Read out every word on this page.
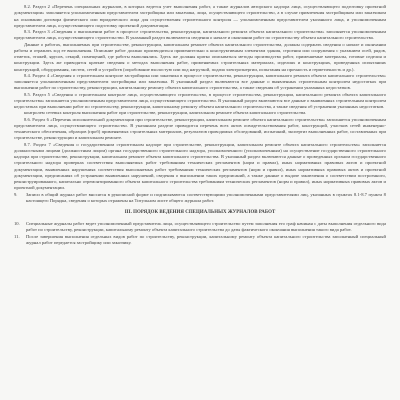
8.2. Раздел 2 «Перечень специальных журналов, в которых ведется учет выполнения работ, а также журналов авторского надзора лица, осуществляющего подготовку проектной документации» заполняется уполномоченным представителем застройщика или заказчика, лица, осуществляющего строительство, а в случае привлечения застройщиком или заказчиком на основании договора физического или юридического лица для осуществления строительного контроля — уполномоченным представителем указанного лица, и уполномоченным представителем лица, осуществляющего подготовку проектной документации.

8.3. Раздел 3 «Сведения о выполнении работ в процессе строительства, реконструкции, капитального ремонта объекта капитального строительства» заполняется уполномоченным представителем лица, осуществляющего строительство. В указанный раздел включаются сведения о начале и окончании работ по строительству объекта капитального строительства.

Данные о работах, выполняемых при строительстве, реконструкции, капитальном ремонте объекта капитального строительства, должны содержать сведения о начале и окончании работы и отражать ход ее выполнения. Описание работ должно производиться применительно к конструктивным элементам здания, строения или сооружения с указанием осей, рядов, отметок, этажей, ярусов, секций, помещений, где работы выполнялись. Здесь же должны кратко описываться методы производства работ, применяемые материалы, готовые изделия и конструкции. Здесь же приводятся краткие сведения о методах выполнения работ, применяемых строительных материалах, изделиях и конструкциях, проведенных испытаниях конструкций, оборудования, систем, сетей и устройств (опробование вхолостую или под нагрузкой, подача электроэнергии, испытания на прочность и герметичность и др.).

8.4. Раздел 4 «Сведения о строительном контроле застройщика или заказчика в процессе строительства, реконструкции, капитального ремонта объекта капитального строительства» заполняется уполномоченным представителем застройщика или заказчика. В указанный раздел включаются все данные о выявленных строительным контролем недостатках при выполнении работ по строительству, реконструкции, капитальному ремонту объекта капитального строительства, а также сведения об устранении указанных недостатков.

8.5. Раздел 5 «Сведения о строительном контроле лица, осуществляющего строительство, в процессе строительства, реконструкции, капитального ремонта объекта капитального строительства» заполняется уполномоченным представителем лица, осуществляющего строительство. В указанный раздел включаются все данные о выявленных строительным контролем недостатках при выполнении работ по строительству, реконструкции, капитальному ремонту объекта капитального строительства, а также сведения об устранении указанных недостатков.

контролем сетевых контроля выполнения работ при строительстве, реконструкции, капитальном ремонте объекта капитального строительства.

8.6. Раздел 6 «Перечень исполнительной документации при строительстве, реконструкции, капитальном ремонте объекта капитального строительства» заполняется уполномоченным представителем лица, осуществляющего строительство. В указанном разделе приводится перечень всех актов освидетельствования работ, конструкций, участков сетей инженерно-технического обеспечения, образцов (проб) применяемых строительных материалов, результатов проводимых обследований, испытаний, экспертиз выполненных работ, составленных при строительстве, реконструкции и капитальном ремонте.

8.7. Раздел 7 «Сведения о государственном строительном надзоре при строительстве, реконструкции, капитальном ремонте объекта капитального строительства» заполняется должностными лицами (должностным лицом) органа государственного строительного надзора, уполномоченного (уполномоченным) на осуществление государственного строительного надзора при строительстве, реконструкции, капитальном ремонте объекта капитального строительства. В указанный раздел включаются данные о проведенных органом государственного строительного надзора проверках соответствия выполняемых работ требованиям технических регламентов (норм и правил), иных нормативных правовых актов и проектной документации, выявленных нарушениях соответствия выполняемых работ требованиям технических регламентов (норм и правил), иных нормативных правовых актов и проектной документации, предписаниях об устранении выявленных нарушений, сведения о выполнении таких предписаний, а также данные о выдаче заключения о соответствии построенного, реконструированного, капитально отремонтированного объекта капитального строительства требованиям технических регламентов (норм и правил), иных нормативных правовых актов и проектной документации.

9. Записи в общий журнал работ вносятся в рукописной форме и подписываются соответствующими уполномоченными представителями лиц, указанных в пунктах 8.1-8.7 пункта 8 настоящего Порядка, сведения о которых отражены на Титульном листе общего журнала работ.

III. ПОРЯДОК ВЕДЕНИЯ СПЕЦИАЛЬНЫХ ЖУРНАЛОВ РАБОТ

10. Специальные журналы работ ведет уполномоченный представитель лица, осуществляющего строительство путем заполнения его граф начиная с даты выполнения отдельного вида работ по строительству, реконструкции, капитальному ремонту объекта капитального строительства до даты фактического окончания выполнения такого вида работ.

11. После завершения выполнения отдельных видов работ по строительству, реконструкции, капитальному ремонту объекта капитального строительства заполненный специальный журнал работ передается застройщику или заказчику.
